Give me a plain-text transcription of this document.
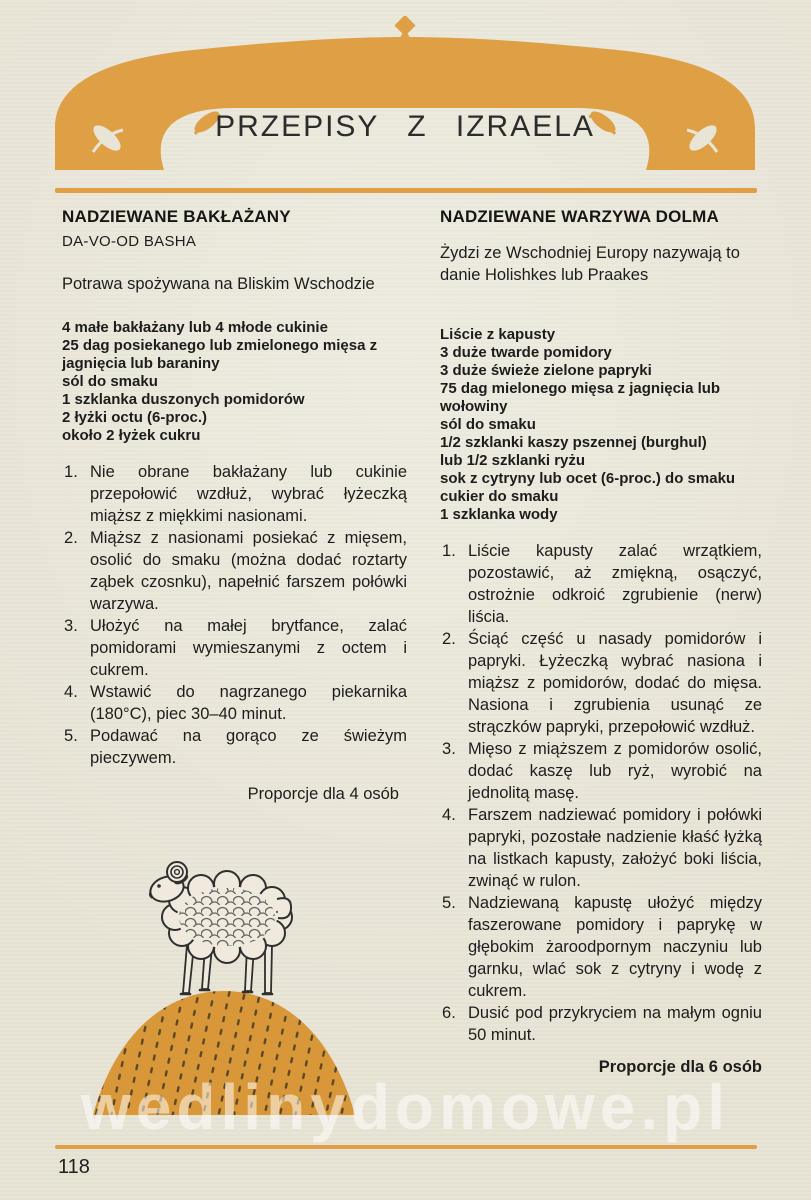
PRZEPISY Z IZRAELA
NADZIEWANE BAKŁAŻANY
DA-VO-OD BASHA

Potrawa spożywana na Bliskim Wschodzie

4 małe bakłażany lub 4 młode cukinie

25 dag posiekanego lub zmielonego mięsa z jagnięcia lub baraniny

sól do smaku

1 szklanka duszonych pomidorów

2 łyżki octu (6-proc.)

około 2 łyżek cukru

Nie obrane bakłażany lub cukinie przepołowić wzdłuż, wybrać łyżeczką miąższ z miękkimi nasionami.
Miąższ z nasionami posiekać z mięsem, osolić do smaku (można dodać roztarty ząbek czosnku), napełnić farszem połówki warzywa.
Ułożyć na małej brytfance, zalać pomidorami wymieszanymi z octem i cukrem.
Wstawić do nagrzanego piekarnika (180°C), piec 30–40 minut.
Podawać na gorąco ze świeżym pieczywem.
Proporcje dla 4 osób
NADZIEWANE WARZYWA DOLMA

Żydzi ze Wschodniej Europy nazywają to danie Holishkes lub Praakes

Liście z kapusty

3 duże twarde pomidory

3 duże świeże zielone papryki

75 dag mielonego mięsa z jagnięcia lub wołowiny

sól do smaku

1/2 szklanki kaszy pszennej (burghul)

lub 1/2 szklanki ryżu

sok z cytryny lub ocet (6-proc.) do smaku

cukier do smaku

1 szklanka wody

Liście kapusty zalać wrzątkiem, pozostawić, aż zmiękną, osączyć, ostrożnie odkroić zgrubienie (nerw) liścia.
Ściąć część u nasady pomidorów i papryki. Łyżeczką wybrać nasiona i miąższ z pomidorów, dodać do mięsa. Nasiona i zgrubienia usunąć ze strączków papryki, przepołowić wzdłuż.
Mięso z miąższem z pomidorów osolić, dodać kaszę lub ryż, wyrobić na jednolitą masę.
Farszem nadziewać pomidory i połówki papryki, pozostałe nadzienie kłaść łyżką na listkach kapusty, założyć boki liścia, zwinąć w rulon.
Nadziewaną kapustę ułożyć między faszerowane pomidory i paprykę w głębokim żaroodpornym naczyniu lub garnku, wlać sok z cytryny i wodę z cukrem.
Dusić pod przykryciem na małym ogniu 50 minut.
Proporcje dla 6 osób
wedlinydomowe.pl
118
